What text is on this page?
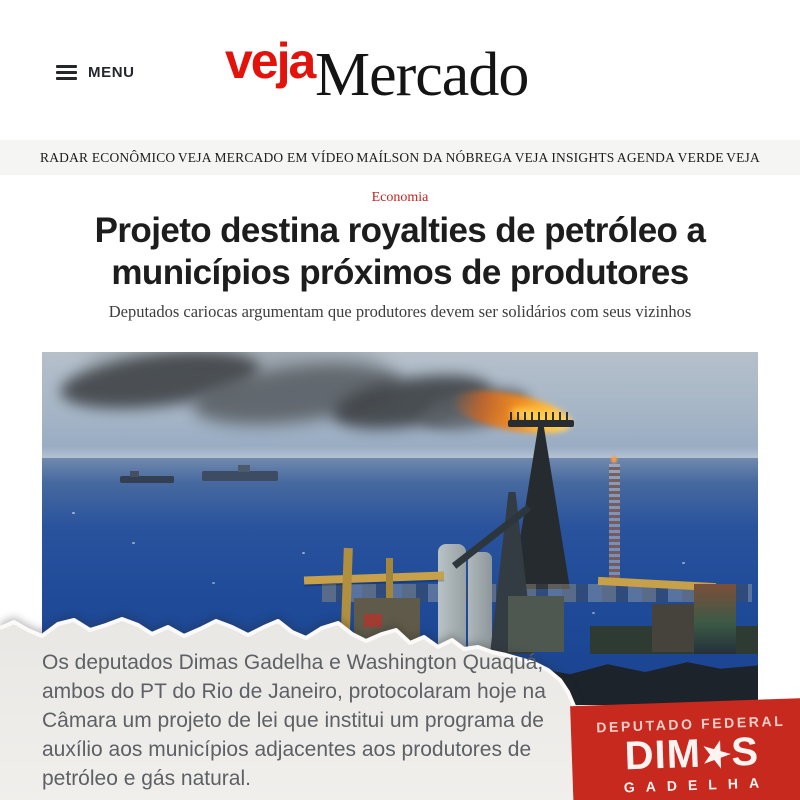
MENU veja Mercado
RADAR ECONÔMICO VEJA MERCADO EM VÍDEO MAÍLSON DA NÓBREGA VEJA INSIGHTS AGENDA VERDE VEJA
Economia
Projeto destina royalties de petróleo a
municípios próximos de produtores
Deputados cariocas argumentam que produtores devem ser solidários com seus vizinhos

Os deputados Dimas Gadelha e Washington Quaquá, ambos do PT do Rio de Janeiro, protocolaram hoje na Câmara um projeto de lei que institui um programa de auxílio aos municípios adjacentes aos produtores de petróleo e gás natural.

DEPUTADO FEDERAL
DIM★S
GADELHA
